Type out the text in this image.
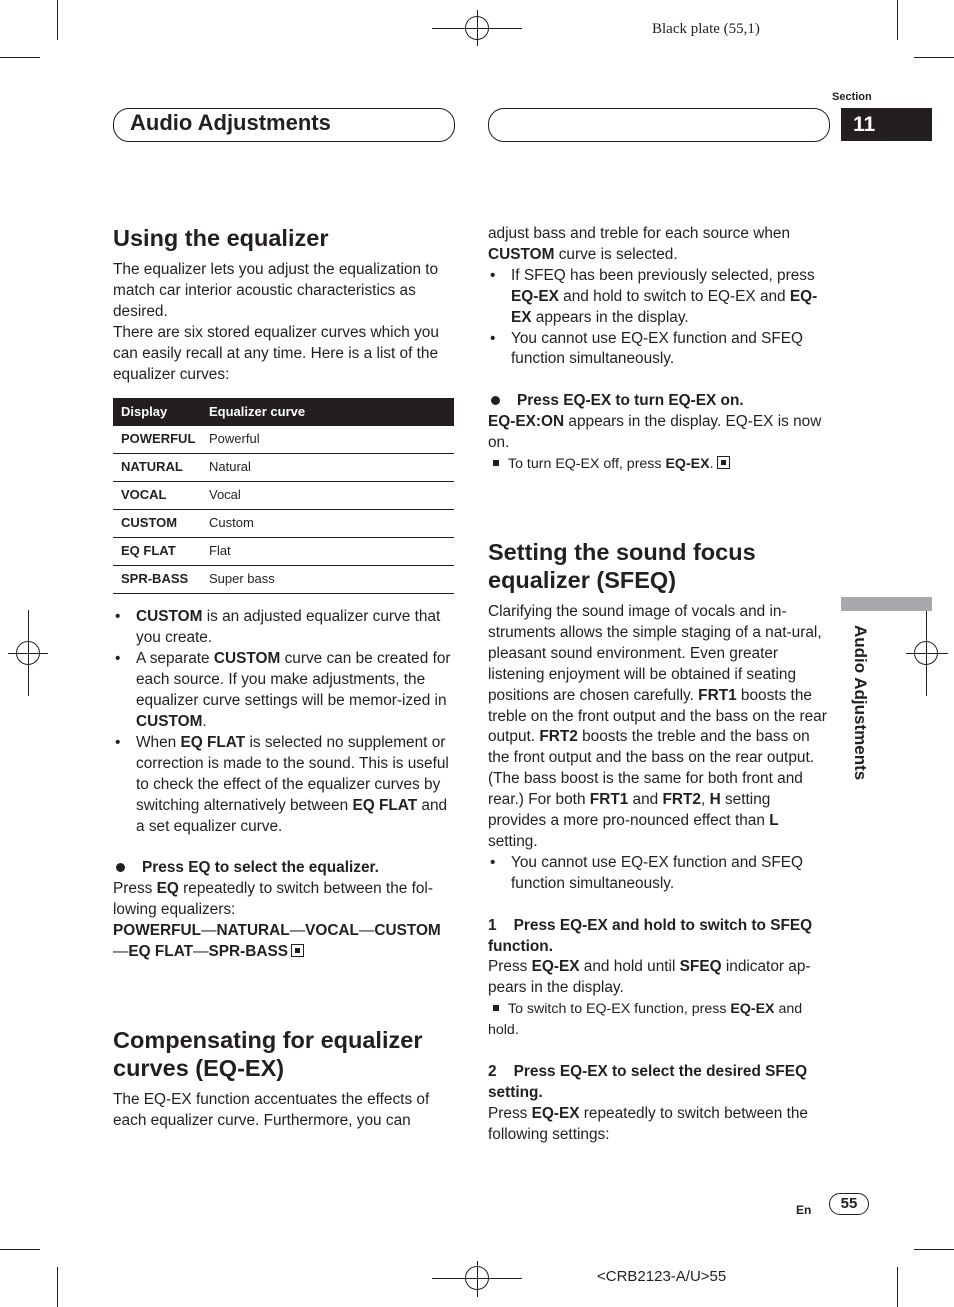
Black plate (55,1)
Section
11
Audio Adjustments
Audio Adjustments
Using the equalizer

The equalizer lets you adjust the equalization to match car interior acoustic characteristics as desired.

There are six stored equalizer curves which you can easily recall at any time. Here is a list of the equalizer curves:

Display	Equalizer curve
POWERFUL	Powerful
NATURAL	Natural
VOCAL	Vocal
CUSTOM	Custom
EQ FLAT	Flat
SPR-BASS	Super bass

• CUSTOM is an adjusted equalizer curve that you create.

• A separate CUSTOM curve can be created for each source. If you make adjustments, the equalizer curve settings will be memor-ized in CUSTOM.

• When EQ FLAT is selected no supplement or correction is made to the sound. This is useful to check the effect of the equalizer curves by switching alternatively between EQ FLAT and a set equalizer curve.

Press EQ to select the equalizer.

Press EQ repeatedly to switch between the fol-lowing equalizers:

POWERFUL—NATURAL—VOCAL—CUSTOM
—EQ FLAT—SPR-BASS

Compensating for equalizer curves (EQ-EX)

The EQ-EX function accentuates the effects of each equalizer curve. Furthermore, you can

adjust bass and treble for each source when CUSTOM curve is selected.

• If SFEQ has been previously selected, press EQ-EX and hold to switch to EQ-EX and EQ-EX appears in the display.

• You cannot use EQ-EX function and SFEQ function simultaneously.

Press EQ-EX to turn EQ-EX on.

EQ-EX:ON appears in the display. EQ-EX is now on.

To turn EQ-EX off, press EQ-EX.

Setting the sound focus equalizer (SFEQ)

Clarifying the sound image of vocals and in-struments allows the simple staging of a nat-ural, pleasant sound environment. Even greater listening enjoyment will be obtained if seating positions are chosen carefully. FRT1 boosts the treble on the front output and the bass on the rear output. FRT2 boosts the treble and the bass on the front output and the bass on the rear output. (The bass boost is the same for both front and rear.) For both FRT1 and FRT2, H setting provides a more pro-nounced effect than L setting.

• You cannot use EQ-EX function and SFEQ function simultaneously.

1    Press EQ-EX and hold to switch to SFEQ function.

Press EQ-EX and hold until SFEQ indicator ap-pears in the display.

To switch to EQ-EX function, press EQ-EX and hold.

2    Press EQ-EX to select the desired SFEQ setting.

Press EQ-EX repeatedly to switch between the following settings:

En	55
<CRB2123-A/U>55
